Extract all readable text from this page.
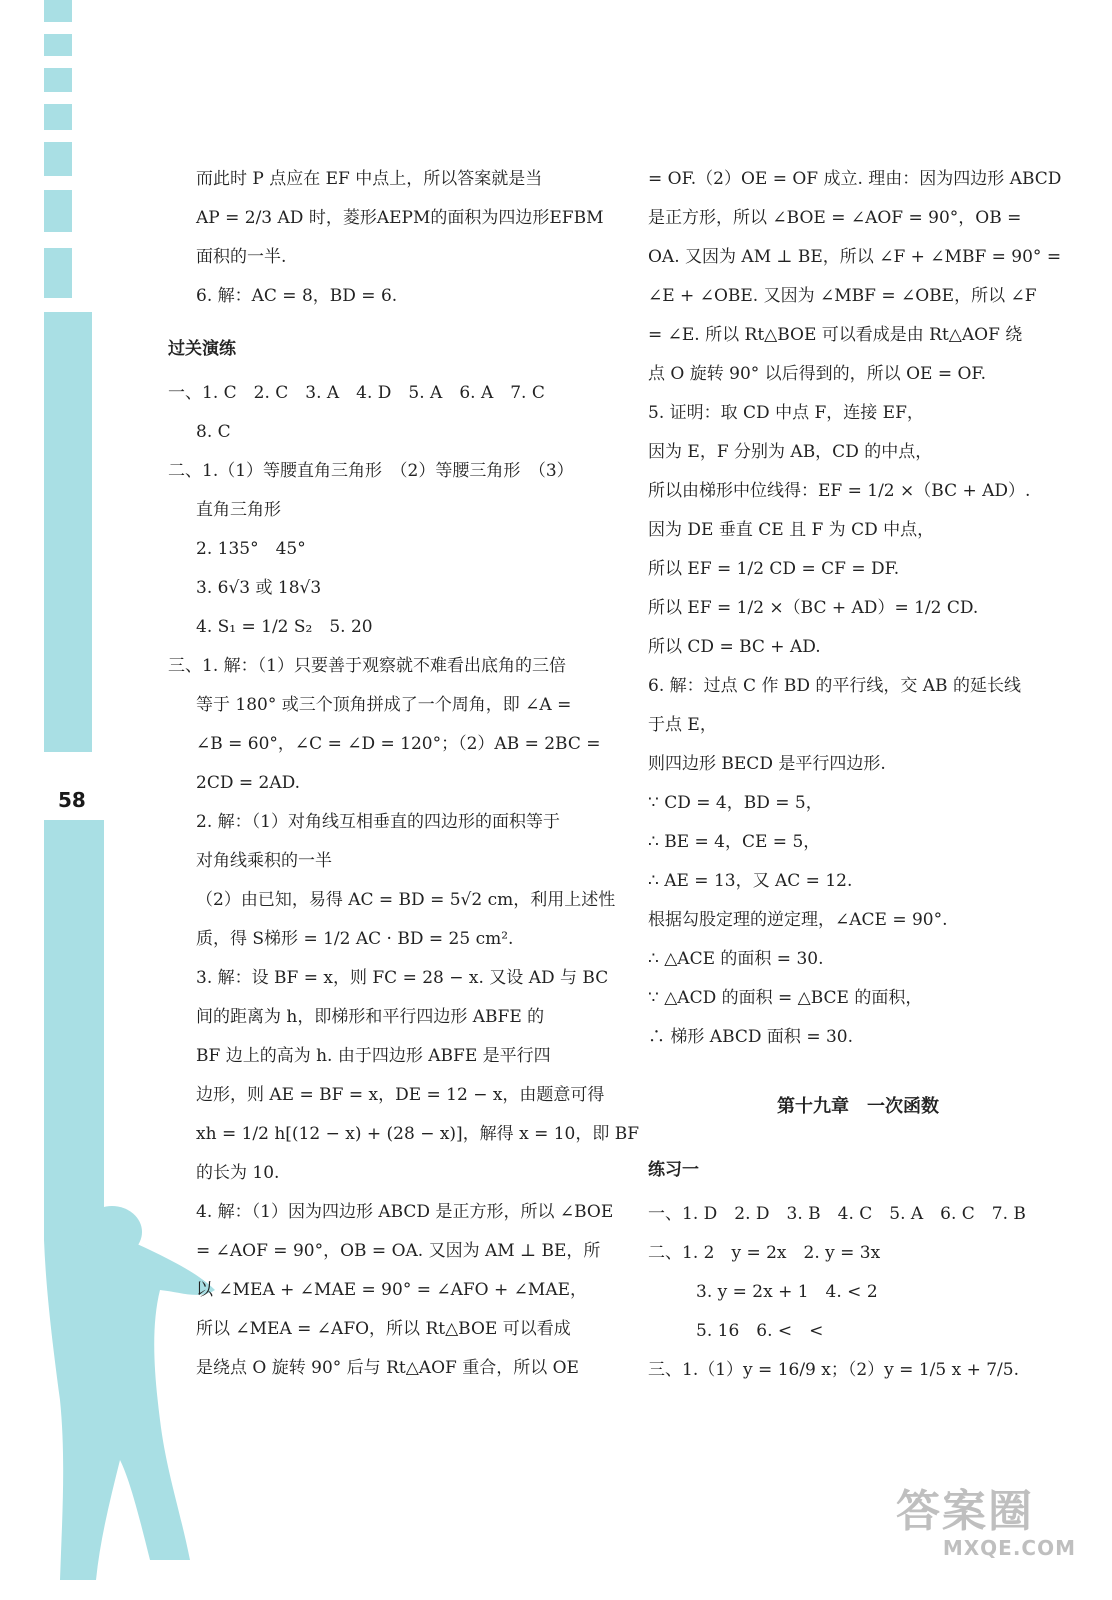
58
而此时 P 点应在 EF 中点上，所以答案就是当
AP = 2/3 AD 时，菱形AEPM的面积为四边形EFBM
面积的一半.
6. 解：AC = 8，BD = 6.
过关演练
一、1. C　2. C　3. A　4. D　5. A　6. A　7. C
8. C
二、1.（1）等腰直角三角形　（2）等腰三角形　（3）
直角三角形
2. 135°　45°
3. 6√3 或 18√3
4. S₁ = 1/2 S₂　5. 20
三、1. 解：（1）只要善于观察就不难看出底角的三倍
等于 180° 或三个顶角拼成了一个周角，即 ∠A =
∠B = 60°，∠C = ∠D = 120°；（2）AB = 2BC =
2CD = 2AD.
2. 解：（1）对角线互相垂直的四边形的面积等于
对角线乘积的一半
（2）由已知，易得 AC = BD = 5√2 cm，利用上述性
质，得 S梯形 = 1/2 AC · BD = 25 cm².
3. 解：设 BF = x，则 FC = 28 − x. 又设 AD 与 BC
间的距离为 h，即梯形和平行四边形 ABFE 的
BF 边上的高为 h. 由于四边形 ABFE 是平行四
边形，则 AE = BF = x，DE = 12 − x，由题意可得
xh = 1/2 h[(12 − x) + (28 − x)]，解得 x = 10，即 BF
的长为 10.
4. 解：（1）因为四边形 ABCD 是正方形，所以 ∠BOE
= ∠AOF = 90°，OB = OA. 又因为 AM ⊥ BE，所
以 ∠MEA + ∠MAE = 90° = ∠AFO + ∠MAE，
所以 ∠MEA = ∠AFO，所以 Rt△BOE 可以看成
是绕点 O 旋转 90° 后与 Rt△AOF 重合，所以 OE
= OF.（2）OE = OF 成立. 理由：因为四边形 ABCD
是正方形，所以 ∠BOE = ∠AOF = 90°，OB =
OA. 又因为 AM ⊥ BE，所以 ∠F + ∠MBF = 90° =
∠E + ∠OBE. 又因为 ∠MBF = ∠OBE，所以 ∠F
= ∠E. 所以 Rt△BOE 可以看成是由 Rt△AOF 绕
点 O 旋转 90° 以后得到的，所以 OE = OF.
5. 证明：取 CD 中点 F，连接 EF，
因为 E，F 分别为 AB，CD 的中点，
所以由梯形中位线得：EF = 1/2 ×（BC + AD）.
因为 DE 垂直 CE 且 F 为 CD 中点，
所以 EF = 1/2 CD = CF = DF.
所以 EF = 1/2 ×（BC + AD）= 1/2 CD.
所以 CD = BC + AD.
6. 解：过点 C 作 BD 的平行线，交 AB 的延长线
于点 E，
则四边形 BECD 是平行四边形.
∵ CD = 4，BD = 5，
∴ BE = 4，CE = 5，
∴ AE = 13，又 AC = 12.
根据勾股定理的逆定理，∠ACE = 90°.
∴ △ACE 的面积 = 30.
∵ △ACD 的面积 = △BCE 的面积，
∴ 梯形 ABCD 面积 = 30.
第十九章　一次函数
练习一
一、1. D　2. D　3. B　4. C　5. A　6. C　7. B
二、1. 2　y = 2x　2. y = 3x
3. y = 2x + 1　4. < 2
5. 16　6. <　<
三、1.（1）y = 16/9 x；（2）y = 1/5 x + 7/5.
答案圈
MXQE.COM
